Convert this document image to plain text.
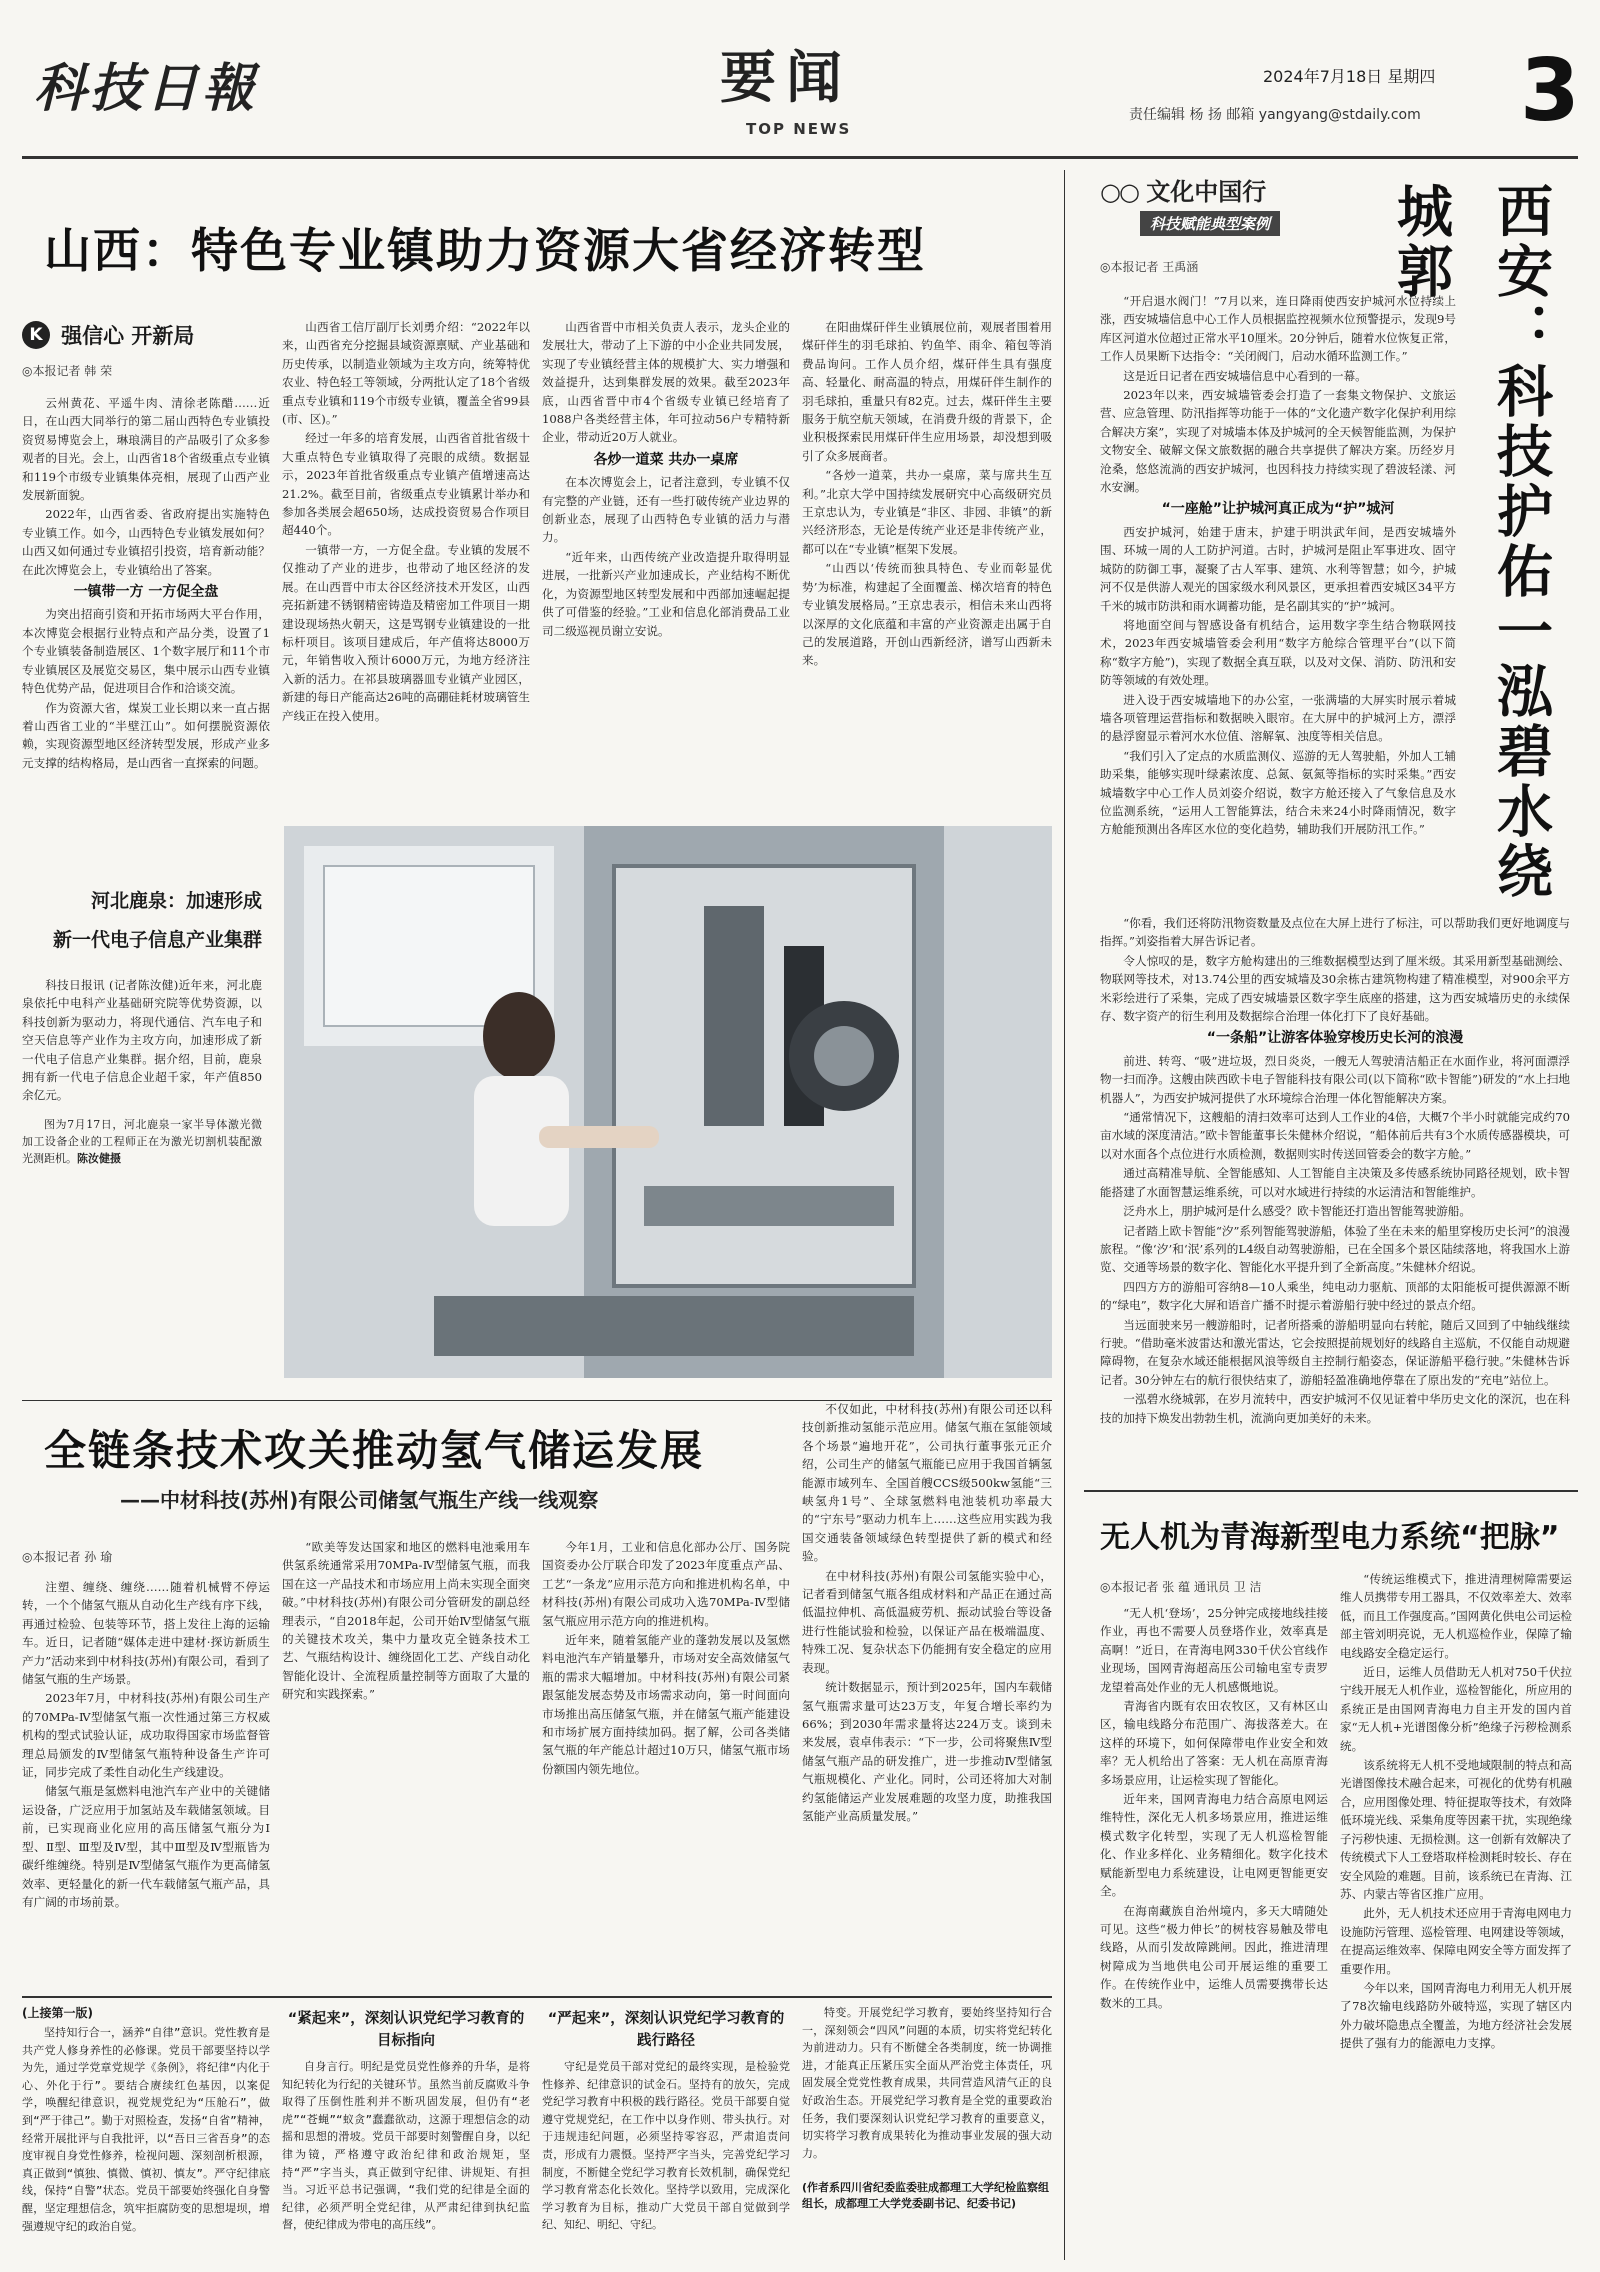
科技日報	要闻
TOP NEWS
2024年7月18日 星期四
责任编辑 杨 扬 邮箱 yangyang@stdaily.com 3
山西：特色专业镇助力资源大省经济转型
K 强信心 开新局
◎本报记者 韩 荣

云州黄花、平遥牛肉、清徐老陈醋……近日，在山西大同举行的第二届山西特色专业镇投资贸易博览会上，琳琅满目的产品吸引了众多参观者的目光。会上，山西省18个省级重点专业镇和119个市级专业镇集体亮相，展现了山西产业发展新面貌。

2022年，山西省委、省政府提出实施特色专业镇工作。如今，山西特色专业镇发展如何？山西又如何通过专业镇招引投资，培育新动能？在此次博览会上，专业镇给出了答案。

一镇带一方 一方促全盘

为突出招商引资和开拓市场两大平台作用，本次博览会根据行业特点和产品分类，设置了1个专业镇装备制造展区、1个数字展厅和11个市专业镇展区及展览交易区，集中展示山西专业镇特色优势产品，促进项目合作和洽谈交流。

作为资源大省，煤炭工业长期以来一直占据着山西省工业的“半壁江山”。如何摆脱资源依赖，实现资源型地区经济转型发展，形成产业多元支撑的结构格局，是山西省一直探索的问题。

山西省工信厅副厅长刘勇介绍：“2022年以来，山西省充分挖掘县域资源禀赋、产业基础和历史传承，以制造业领域为主攻方向，统筹特优农业、特色轻工等领域，分两批认定了18个省级重点专业镇和119个市级专业镇，覆盖全省99县(市、区)。”

经过一年多的培育发展，山西省首批省级十大重点特色专业镇取得了亮眼的成绩。数据显示，2023年首批省级重点专业镇产值增速高达21.2%。截至目前，省级重点专业镇累计举办和参加各类展会超650场，达成投资贸易合作项目超440个。

一镇带一方，一方促全盘。专业镇的发展不仅推动了产业的进步，也带动了地区经济的发展。在山西晋中市太谷区经济技术开发区，山西亮拓新建不锈钢精密铸造及精密加工件项目一期建设现场热火朝天，这是骂钢专业镇建设的一批标杆项目。该项目建成后，年产值将达8000万元，年销售收入预计6000万元，为地方经济注入新的活力。在祁县玻璃器皿专业镇产业园区，新建的每日产能高达26吨的高硼硅耗材玻璃管生产线正在投入使用。

山西省晋中市相关负责人表示，龙头企业的发展壮大，带动了上下游的中小企业共同发展，实现了专业镇经营主体的规模扩大、实力增强和效益提升，达到集群发展的效果。截至2023年底，山西省晋中市4个省级专业镇已经培育了1088户各类经营主体，年可拉动56户专精特新企业，带动近20万人就业。

各炒一道菜 共办一桌席

在本次博览会上，记者注意到，专业镇不仅有完整的产业链，还有一些打破传统产业边界的创新业态，展现了山西特色专业镇的活力与潜力。

“近年来，山西传统产业改造提升取得明显进展，一批新兴产业加速成长，产业结构不断优化，为资源型地区转型发展和中西部加速崛起提供了可借鉴的经验。”工业和信息化部消费品工业司二级巡视员谢立安说。

在阳曲煤矸伴生业镇展位前，观展者围着用煤矸伴生的羽毛球拍、钓鱼竿、雨伞、箱包等消费品询问。工作人员介绍，煤矸伴生具有强度高、轻量化、耐高温的特点，用煤矸伴生制作的羽毛球拍，重量只有82克。过去，煤矸伴生主要服务于航空航天领域，在消费升级的背景下，企业积极探索民用煤矸伴生应用场景，却没想到吸引了众多展商者。

“各炒一道菜，共办一桌席，菜与席共生互利。”北京大学中国持续发展研究中心高级研究员王京忠认为，专业镇是“非区、非园、非镇”的新兴经济形态，无论是传统产业还是非传统产业，都可以在“专业镇”框架下发展。

“山西以‘传统而独具特色、专业而彰显优势’为标准，构建起了全面覆盖、梯次培育的特色专业镇发展格局。”王京忠表示，相信未来山西将以深厚的文化底蕴和丰富的产业资源走出属于自己的发展道路，开创山西新经济，谱写山西新未来。

河北鹿泉：加速形成
新一代电子信息产业集群

科技日报讯 (记者陈汝健)近年来，河北鹿泉依托中电科产业基础研究院等优势资源，以科技创新为驱动力，将现代通信、汽车电子和空天信息等产业作为主攻方向，加速形成了新一代电子信息产业集群。据介绍，目前，鹿泉拥有新一代电子信息企业超千家，年产值850余亿元。

图为7月17日，河北鹿泉一家半导体激光微加工设备企业的工程师正在为激光切割机装配激光测距机。陈汝健摄

全链条技术攻关推动氢气储运发展
——中材科技(苏州)有限公司储氢气瓶生产线一线观察
◎本报记者 孙 瑜

注塑、缠绕、缠绕……随着机械臂不停运转，一个个储氢气瓶从自动化生产线有序下线，再通过检验、包装等环节，搭上发往上海的运输车。近日，记者随“媒体走进中建材·探访新质生产力”活动来到中材科技(苏州)有限公司，看到了储氢气瓶的生产场景。

2023年7月，中材科技(苏州)有限公司生产的70MPa-Ⅳ型储氢气瓶一次性通过第三方权威机构的型式试验认证，成功取得国家市场监督管理总局颁发的Ⅳ型储氢气瓶特种设备生产许可证，同步完成了柔性自动化生产线建设。

储氢气瓶是氢燃料电池汽车产业中的关键储运设备，广泛应用于加氢站及车载储氢领域。目前，已实现商业化应用的高压储氢气瓶分为Ⅰ型、Ⅱ型、Ⅲ型及Ⅳ型，其中Ⅲ型及Ⅳ型瓶皆为碳纤维缠绕。特别是Ⅳ型储氢气瓶作为更高储氢效率、更轻量化的新一代车载储氢气瓶产品，具有广阔的市场前景。

“欧美等发达国家和地区的燃料电池乘用车供氢系统通常采用70MPa-Ⅳ型储氢气瓶，而我国在这一产品技术和市场应用上尚未实现全面突破。”中材科技(苏州)有限公司分管研发的副总经理表示，“自2018年起，公司开始Ⅳ型储氢气瓶的关键技术攻关，集中力量攻克全链条技术工艺、气瓶结构设计、缠绕固化工艺、产线自动化智能化设计、全流程质量控制等方面取了大量的研究和实践探索。”

今年1月，工业和信息化部办公厅、国务院国资委办公厅联合印发了2023年度重点产品、工艺“一条龙”应用示范方向和推进机构名单，中材科技(苏州)有限公司成功入选70MPa-Ⅳ型储氢气瓶应用示范方向的推进机构。

近年来，随着氢能产业的蓬勃发展以及氢燃料电池汽车产销量攀升，市场对安全高效储氢气瓶的需求大幅增加。中材科技(苏州)有限公司紧跟氢能发展态势及市场需求动向，第一时间面向市场推出高压储氢气瓶，并在储氢气瓶产能建设和市场扩展方面持续加码。据了解，公司各类储氢气瓶的年产能总计超过10万只，储氢气瓶市场份额国内领先地位。

不仅如此，中材科技(苏州)有限公司还以科技创新推动氢能示范应用。储氢气瓶在氢能领域各个场景“遍地开花”，公司执行董事张元正介绍，公司生产的储氢气瓶能已应用于我国首辆氢能源市域列车、全国首艘CCS级500kw氢能“三峡氢舟1号”、全球氢燃料电池装机功率最大的“宁东号”驱动力机车上……这些应用实践为我国交通装备领域绿色转型提供了新的模式和经验。

在中材科技(苏州)有限公司氢能实验中心，记者看到储氢气瓶各组成材料和产品正在通过高低温拉伸机、高低温疲劳机、振动试验台等设备进行性能试验和检验，以保证产品在极端温度、特殊工况、复杂状态下仍能拥有安全稳定的应用表现。

统计数据显示，预计到2025年，国内车载储氢气瓶需求量可达23万支，年复合增长率约为66%；到2030年需求量将达224万支。谈到未来发展，袁卓伟表示：“下一步，公司将聚焦Ⅳ型储氢气瓶产品的研发推广，进一步推动Ⅳ型储氢气瓶规模化、产业化。同时，公司还将加大对制约氢能储运产业发展难题的攻坚力度，助推我国氢能产业高质量发展。”

(上接第一版)

坚持知行合一，涵养“自律”意识。党性教育是共产党人修身养性的必修课。党员干部要坚持以学为先，通过学党章党规学《条例》，将纪律“内化于心、外化于行”。要结合赓续红色基因，以案促学，唤醒纪律意识，视党规党纪为“压舱石”，做到“严于律己”。勤于对照检查，发扬“自省”精神，经常开展批评与自我批评，以“吾日三省吾身”的态度审视自身党性修养，检视问题、深刻剖析根源，真正做到“慎独、慎微、慎初、慎友”。严守纪律底线，保持“自警”状态。党员干部要始终强化自身警醒，坚定理想信念，筑牢拒腐防变的思想堤坝，增强遵规守纪的政治自觉。

“紧起来”，深刻认识党纪学习教育的目标指向

自身言行。明纪是党员党性修养的升华，是将知纪转化为行纪的关键环节。虽然当前反腐败斗争取得了压倒性胜利并不断巩固发展，但仍有“老虎”“苍蝇”“蚁贪”蠢蠢欲动，这源于理想信念的动摇和思想的滑坡。党员干部要时刻警醒自身，以纪律为镜，严格遵守政治纪律和政治规矩，坚持“严”字当头，真正做到守纪律、讲规矩、有担当。习近平总书记强调，“我们党的纪律是全面的纪律，必须严明全党纪律，从严肃纪律到执纪监督，使纪律成为带电的高压线”。

“严起来”，深刻认识党纪学习教育的践行路径

守纪是党员干部对党纪的最终实现，是检验党性修养、纪律意识的试金石。坚持有的放矢，完成党纪学习教育中积极的践行路径。党员干部要自觉遵守党规党纪，在工作中以身作则、带头执行。对于违规违纪问题，必须坚持零容忍，严肃追责问责，形成有力震慑。坚持严字当头，完善党纪学习制度，不断健全党纪学习教育长效机制，确保党纪学习教育常态化长效化。坚持学以致用，完成深化学习教育为目标，推动广大党员干部自觉做到学纪、知纪、明纪、守纪。

特变。开展党纪学习教育，要始终坚持知行合一，深刻领会“四风”问题的本质，切实将党纪转化为前进动力。只有不断健全各类制度，统一协调推进，才能真正压紧压实全面从严治党主体责任，巩固发展全党党性教育成果，共同营造风清气正的良好政治生态。开展党纪学习教育是全党的重要政治任务，我们要深刻认识党纪学习教育的重要意义，切实将学习教育成果转化为推动事业发展的强大动力。

(作者系四川省纪委监委驻成都理工大学纪检监察组组长，成都理工大学党委副书记、纪委书记)
○○ 文化中国行
科技赋能典型案例
◎本报记者 王禹涵	西安：科技护佑一泓碧水绕城郭

“开启退水阀门！”7月以来，连日降雨使西安护城河水位持续上涨，西安城墙信息中心工作人员根据监控视频水位预警提示，发现9号库区河道水位超过正常水平10厘米。20分钟后，随着水位恢复正常，工作人员果断下达指令：“关闭阀门，启动水循环监测工作。”

这是近日记者在西安城墙信息中心看到的一幕。

2023年以来，西安城墙管委会打造了一套集文物保护、文旅运营、应急管理、防汛指挥等功能于一体的“文化遗产数字化保护利用综合解决方案”，实现了对城墙本体及护城河的全天候智能监测，为保护文物安全、破解文保文旅数据的融合共享提供了解决方案。历经岁月沧桑，悠悠流淌的西安护城河，也因科技力持续实现了碧波轻漾、河水安澜。

“一座舱”让护城河真正成为“护”城河

西安护城河，始建于唐末，护建于明洪武年间，是西安城墙外围、环城一周的人工防护河道。古时，护城河是阻止军事进攻、固守城防的防御工事，凝聚了古人军事、建筑、水利等智慧；如今，护城河不仅是供游人观光的国家级水利风景区，更承担着西安城区34平方千米的城市防洪和雨水调蓄功能，是名副其实的“护”城河。

将地面空间与智感设备有机结合，运用数字孪生结合物联网技术，2023年西安城墙管委会利用“数字方舱综合管理平台”(以下简称“数字方舱”)，实现了数据全真互联，以及对文保、消防、防汛和安防等领域的有效处理。

进入设于西安城墙地下的办公室，一张满墙的大屏实时展示着城墙各项管理运营指标和数据映入眼帘。在大屏中的护城河上方，漂浮的悬浮窗显示着河水水位值、溶解氧、浊度等相关信息。

“我们引入了定点的水质监测仪、巡游的无人驾驶船，外加人工辅助采集，能够实现叶绿素浓度、总氮、氨氮等指标的实时采集。”西安城墙数字中心工作人员刘姿介绍说，数字方舱还接入了气象信息及水位监测系统，“运用人工智能算法，结合未来24小时降雨情况，数字方舱能预测出各库区水位的变化趋势，辅助我们开展防汛工作。”

“你看，我们还将防汛物资数量及点位在大屏上进行了标注，可以帮助我们更好地调度与指挥。”刘姿指着大屏告诉记者。

令人惊叹的是，数字方舱构建出的三维数据模型达到了厘米级。其采用新型基础测绘、物联网等技术，对13.74公里的西安城墙及30余栋古建筑物构建了精准模型，对900余平方米彩绘进行了采集，完成了西安城墙景区数字孪生底座的搭建，这为西安城墙历史的永续保存、数字资产的衍生利用及数据综合治理一体化打下了良好基础。

“一条船”让游客体验穿梭历史长河的浪漫

前进、转弯、“吸”进垃圾，烈日炎炎，一艘无人驾驶清洁船正在水面作业，将河面漂浮物一扫而净。这艘由陕西欧卡电子智能科技有限公司(以下简称“欧卡智能”)研发的“水上扫地机器人”，为西安护城河提供了水环境综合治理一体化智能解决方案。

“通常情况下，这艘船的清扫效率可达到人工作业的4倍，大概7个半小时就能完成约70亩水域的深度清洁。”欧卡智能董事长朱健林介绍说，“船体前后共有3个水质传感器模块，可以对水面各个点位进行水质检测，数据则实时传送回管委会的数字方舱。”

通过高精准导航、全智能感知、人工智能自主决策及多传感系统协同路径规划，欧卡智能搭建了水面智慧运维系统，可以对水域进行持续的水运清洁和智能维护。

泛舟水上，朋护城河是什么感受？欧卡智能还打造出智能驾驶游船。

记者踏上欧卡智能“汐”系列智能驾驶游船，体验了坐在未来的船里穿梭历史长河”的浪漫旅程。“像‘汐’和‘泯’系列的L4级自动驾驶游船，已在全国多个景区陆续落地，将我国水上游览、交通等场景的数字化、智能化水平提升到了全新高度。”朱健林介绍说。

四四方方的游船可容纳8—10人乘坐，纯电动力驱航、顶部的太阳能板可提供源源不断的“绿电”，数字化大屏和语音广播不时提示着游船行驶中经过的景点介绍。

当远面驶来另一艘游船时，记者所搭乘的游船明显向右转舵，随后又回到了中轴线继续行驶。“借助毫米波雷达和激光雷达，它会按照提前规划好的线路自主巡航，不仅能自动规避障碍物，在复杂水域还能根据风浪等级自主控制行船姿态，保证游船平稳行驶。”朱健林告诉记者。30分钟左右的航行很快结束了，游船轻盈准确地停靠在了原出发的“充电”站位上。

一泓碧水绕城郭，在岁月流转中，西安护城河不仅见证着中华历史文化的深沉，也在科技的加持下焕发出勃勃生机，流淌向更加美好的未来。

无人机为青海新型电力系统“把脉”
◎本报记者 张 蕴 通讯员 卫 洁

“无人机‘登场’，25分钟完成接地线挂接作业，再也不需要人员登塔作业，效率真是高啊！”近日，在青海电网330千伏公官线作业现场，国网青海超高压公司输电室专责罗龙望着高处作业的无人机感慨地说。

青海省内既有农田农牧区，又有林区山区，输电线路分布范围广、海拔落差大。在这样的环境下，如何保障带电作业安全和效率？无人机给出了答案：无人机在高原青海多场景应用，让运检实现了智能化。

近年来，国网青海电力结合高原电网运维特性，深化无人机多场景应用，推进运维模式数字化转型，实现了无人机巡检智能化、作业多样化、业务精细化。数字化技术赋能新型电力系统建设，让电网更智能更安全。

在海南藏族自治州境内，多天大晴随处可见。这些“极力伸长”的树枝容易触及带电线路，从而引发故障跳闸。因此，推进清理树障成为当地供电公司开展运维的重要工作。在传统作业中，运维人员需要携带长达数米的工具。

“传统运维模式下，推进清理树障需要运维人员携带专用工器具，不仅效率差大、效率低，而且工作强度高。”国网黄化供电公司运检部主管刘明亮说，无人机巡检作业，保障了输电线路安全稳定运行。

近日，运维人员借助无人机对750千伏拉宁线开展无人机作业，巡检智能化，所应用的系统正是由国网青海电力自主开发的国内首家“无人机+光谱图像分析”绝缘子污秽检测系统。

该系统将无人机不受地域限制的特点和高光谱图像技术融合起来，可视化的优势有机融合，应用图像处理、特征提取等技术，有效降低环境光线、采集角度等因素干扰，实现绝缘子污秽快速、无损检测。这一创新有效解决了传统模式下人工登塔取样检测耗时较长、存在安全风险的难题。目前，该系统已在青海、江苏、内蒙古等省区推广应用。

此外，无人机技术还应用于青海电网电力设施防污管理、巡检管理、电网建设等领域，在提高运维效率、保障电网安全等方面发挥了重要作用。

今年以来，国网青海电力利用无人机开展了78次输电线路防外破特巡，实现了辖区内外力破坏隐患点全覆盖，为地方经济社会发展提供了强有力的能源电力支撑。
